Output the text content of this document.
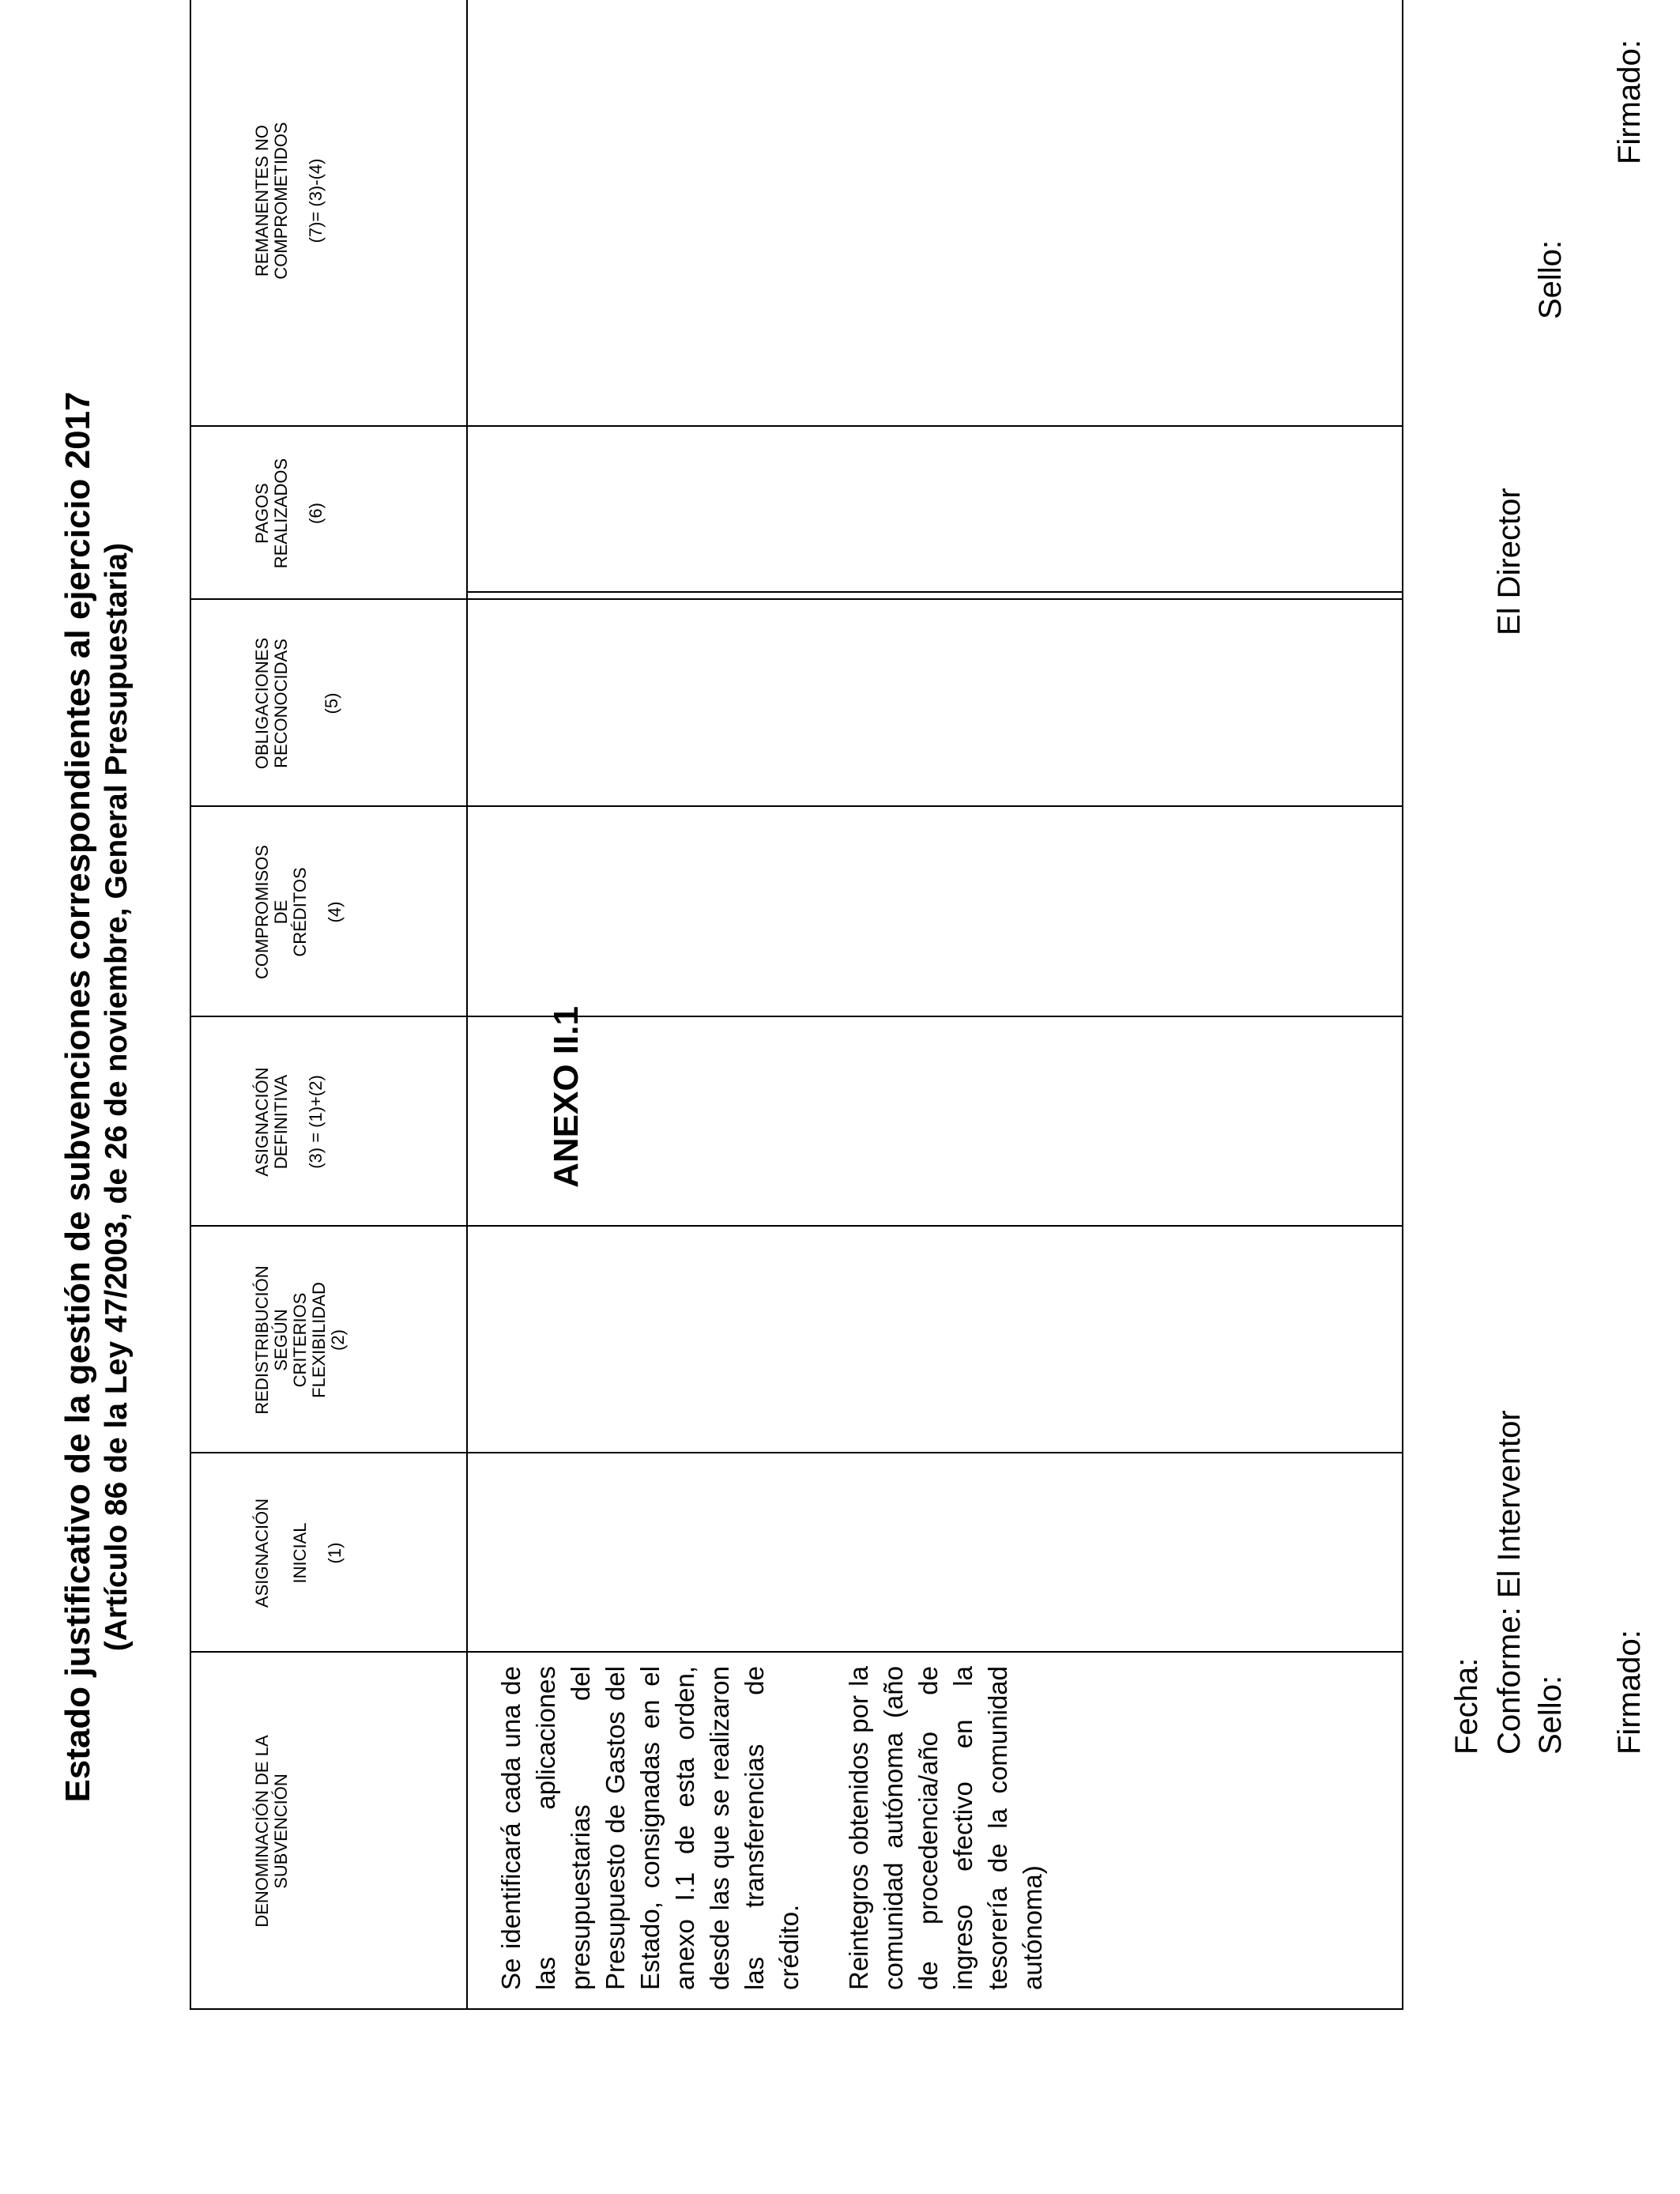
ANEXO II.1
Estado justificativo de la gestión de subvenciones correspondientes al ejercicio 2017 (Artículo 86 de la Ley 47/2003, de 26 de noviembre, General Presupuestaria)
DENOMINACIÓN DE LA SUBVENCIÓN
ASIGNACIÓN INICIAL (1)
REDISTRIBUCIÓN SEGÚN CRITERIOS FLEXIBILIDAD (2)
ASIGNACIÓN DEFINITIVA (3) = (1)+(2)
COMPROMISOS DE CRÉDITOS (4)
OBLIGACIONES RECONOCIDAS (5)
PAGOS REALIZADOS (6)
REMANENTES NO COMPROMETIDOS (7)= (3)-(4)
Se identificará cada una de las aplicaciones presupuestarias del Presupuesto de Gastos del Estado, consignadas en el anexo I.1 de esta orden, desde las que se realizaron las transferencias de crédito. Reintegros obtenidos por la comunidad autónoma (año de procedencia/año de ingreso efectivo en la tesorería de la comunidad autónoma)
Fecha: Conforme: El Interventor Sello: Firmado:
El Director
Sello:
Firmado:
